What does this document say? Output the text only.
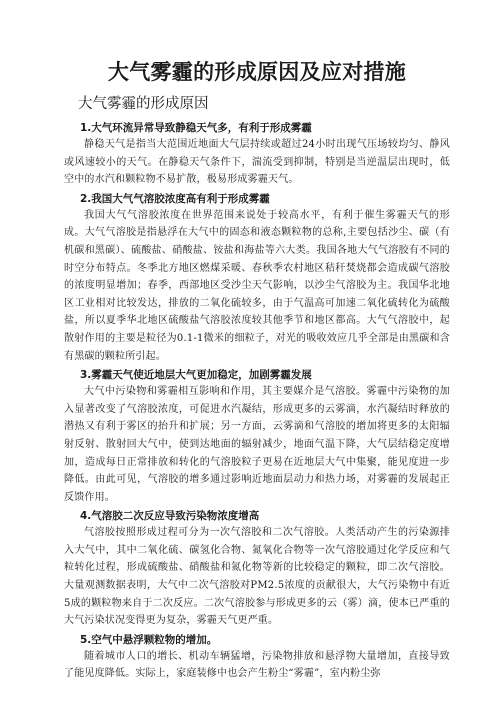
大气雾霾的形成原因及应对措施
大气雾霾的形成原因
1.大气环流异常导致静稳天气多，有利于形成雾霾

静稳天气是指当大范围近地面大气层持续或超过24小时出现气压场较均匀、静风或风速较小的天气。在静稳天气条件下，湍流受到抑制，特别是当逆温层出现时，低空中的水汽和颗粒物不易扩散，极易形成雾霾天气。

2.我国大气气溶胶浓度高有利于形成雾霾

我国大气气溶胶浓度在世界范围来说处于较高水平，有利于催生雾霾天气的形成。大气气溶胶是指悬浮在大气中的固态和液态颗粒物的总称,主要包括沙尘、碳（有机碳和黑碳）、硫酸盐、硝酸盐、铵盐和海盐等六大类。我国各地大气气溶胶有不同的时空分布特点。冬季北方地区燃煤采暖、春秋季农村地区秸秆焚烧都会造成碳气溶胶的浓度明显增加；春季，西部地区受沙尘天气影响，以沙尘气溶胶为主。我国华北地区工业相对比较发达，排放的二氧化硫较多，由于气温高可加速二氧化硫转化为硫酸盐，所以夏季华北地区硫酸盐气溶胶浓度较其他季节和地区都高。大气气溶胶中，起散射作用的主要是粒径为0.1-1微米的细粒子，对光的吸收效应几乎全部是由黑碳和含有黑碳的颗粒所引起。

3.雾霾天气使近地层大气更加稳定，加剧雾霾发展

大气中污染物和雾霾相互影响和作用，其主要媒介是气溶胶。雾霾中污染物的加入显著改变了气溶胶浓度，可促进水汽凝结，形成更多的云雾滴，水汽凝结时释放的潜热又有利于雾区的抬升和扩展；另一方面，云雾滴和气溶胶的增加将更多的太阳辐射反射、散射回大气中，使到达地面的辐射减少，地面气温下降，大气层结稳定度增加，造成每日正常排放和转化的气溶胶粒子更易在近地层大气中集聚，能见度进一步降低。由此可见，气溶胶的增多通过影响近地面层动力和热力场，对雾霾的发展起正反馈作用。

4.气溶胶二次反应导致污染物浓度增高

气溶胶按照形成过程可分为一次气溶胶和二次气溶胶。人类活动产生的污染源排入大气中，其中二氧化硫、碳氢化合物、氮氧化合物等一次气溶胶通过化学反应和气粒转化过程，形成硫酸盐、硝酸盐和氮化物等新的比较稳定的颗粒，即二次气溶胶。大量观测数据表明，大气中二次气溶胶对PM2.5浓度的贡献很大，大气污染物中有近5成的颗粒物来自于二次反应。二次气溶胶参与形成更多的云（雾）滴，使本已严重的大气污染状况变得更为复杂，雾霾天气更严重。

5.空气中悬浮颗粒物的增加。

随着城市人口的增长、机动车辆猛增，污染物排放和悬浮物大量增加，直接导致了能见度降低。实际上，家庭装修中也会产生粉尘“雾霾”，室内粉尘弥
